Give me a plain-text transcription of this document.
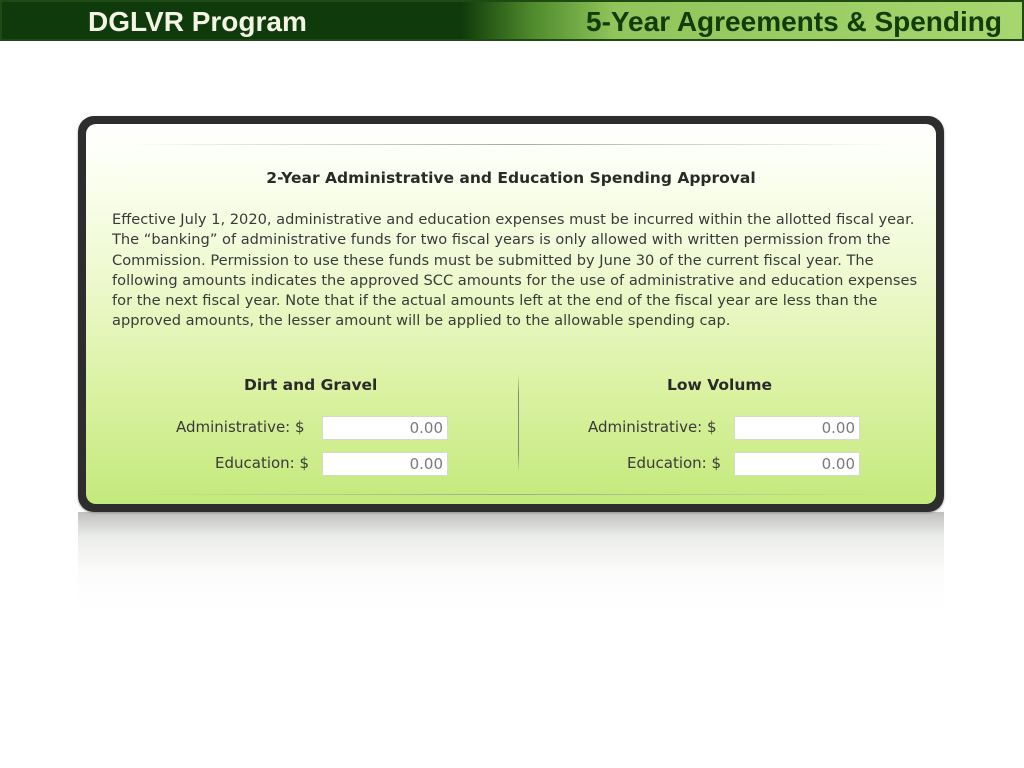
DGLVR Program	5-Year Agreements & Spending
2-Year Administrative and Education Spending Approval
Effective July 1, 2020, administrative and education expenses must be incurred within the allotted fiscal year. The “banking” of administrative funds for two fiscal years is only allowed with written permission from the Commission. Permission to use these funds must be submitted by June 30 of the current fiscal year. The following amounts indicates the approved SCC amounts for the use of administrative and education expenses for the next fiscal year. Note that if the actual amounts left at the end of the fiscal year are less than the approved amounts, the lesser amount will be applied to the allowable spending cap.
Dirt and Gravel
Administrative: $	0.00
Education: $	0.00
Low Volume
Administrative: $	0.00
Education: $	0.00
